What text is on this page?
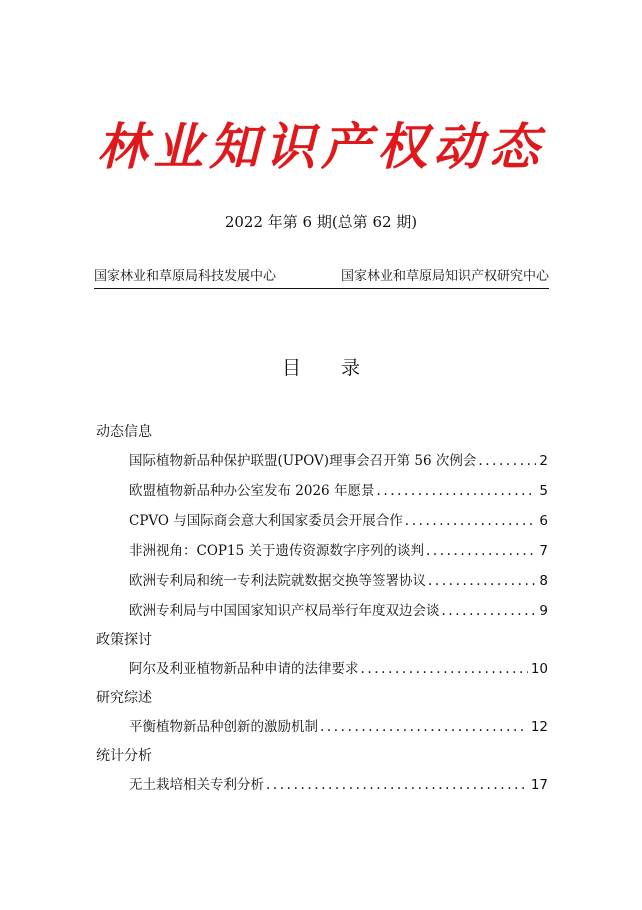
林业知识产权动态
2022 年第 6 期(总第 62 期)
国家林业和草原局科技发展中心	国家林业和草原局知识产权研究中心
目录
动态信息
国际植物新品种保护联盟(UPOV)理事会召开第 56 次例会 .....	2
欧盟植物新品种办公室发布 2026 年愿景 .....	5
CPVO 与国际商会意大利国家委员会开展合作 .....	6
非洲视角：COP15 关于遗传资源数字序列的谈判 .....	7
欧洲专利局和统一专利法院就数据交换等签署协议 .....	8
欧洲专利局与中国国家知识产权局举行年度双边会谈 .....	9
政策探讨
阿尔及利亚植物新品种申请的法律要求 .....	10
研究综述
平衡植物新品种创新的激励机制 .....	12
统计分析
无土栽培相关专利分析 .....	17
